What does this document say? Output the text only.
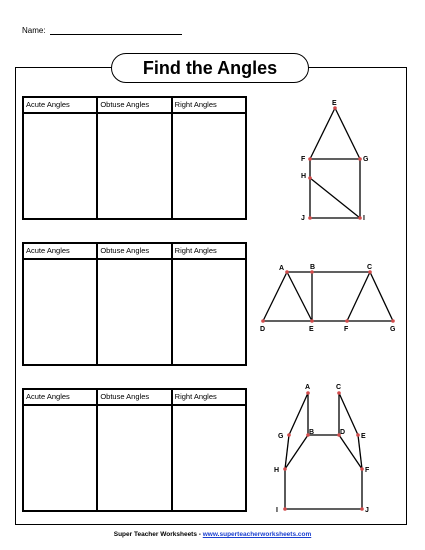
Name:
Find the Angles
Acute Angles	Obtuse Angles	Right Angles
Acute Angles	Obtuse Angles	Right Angles
Acute Angles	Obtuse Angles	Right Angles
E
F	G
H
J	I
A	B	C
D	E	F	G
A	C
G
B	D
E
H	F
I	J
Super Teacher Worksheets - www.superteacherworksheets.com
